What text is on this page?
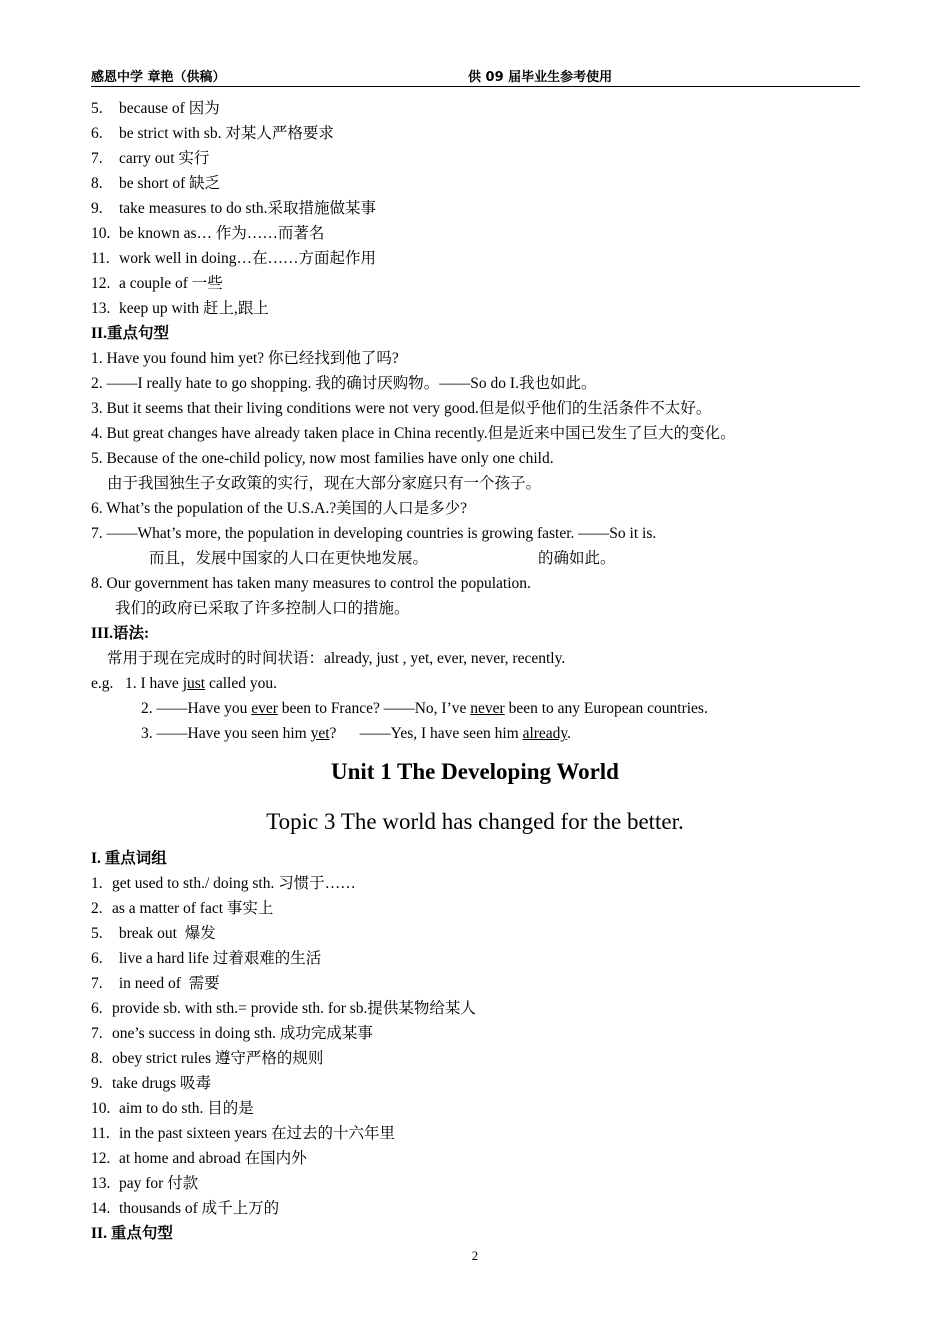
感恩中学 章艳（供稿）	供 09 届毕业生参考使用
5. because of 因为
6. be strict with sb. 对某人严格要求
7. carry out 实行
8. be short of 缺乏
9. take measures to do sth.采取措施做某事
10. be known as… 作为……而著名
11. work well in doing…在……方面起作用
12. a couple of 一些
13. keep up with 赶上,跟上
II.重点句型
1. Have you found him yet? 你已经找到他了吗?
2. ——I really hate to go shopping. 我的确讨厌购物。——So do I.我也如此。
3. But it seems that their living conditions were not very good.但是似乎他们的生活条件不太好。
4. But great changes have already taken place in China recently.但是近来中国已发生了巨大的变化。
5. Because of the one-child policy, now most families have only one child.
由于我国独生子女政策的实行，现在大部分家庭只有一个孩子。
6. What’s the population of the U.S.A.?美国的人口是多少?
7. ——What’s more, the population in developing countries is growing faster. ——So it is.
而且，发展中国家的人口在更快地发展。	的确如此。
8. Our government has taken many measures to control the population.
我们的政府已采取了许多控制人口的措施。
III.语法:
常用于现在完成时的时间状语：already, just , yet, ever, never, recently.
e.g.   1. I have just called you.
2. ——Have you ever been to France? ——No, I’ve never been to any European countries.
3. ——Have you seen him yet?      ——Yes, I have seen him already.
Unit 1 The Developing World
Topic 3 The world has changed for the better.
I. 重点词组
1. get used to sth./ doing sth. 习惯于……
2. as a matter of fact 事实上
5. break out  爆发
6. live a hard life 过着艰难的生活
7. in need of  需要
6. provide sb. with sth.= provide sth. for sb.提供某物给某人
7. one’s success in doing sth. 成功完成某事
8. obey strict rules 遵守严格的规则
9. take drugs 吸毒
10. aim to do sth. 目的是
11. in the past sixteen years 在过去的十六年里
12. at home and abroad 在国内外
13. pay for 付款
14. thousands of 成千上万的
II. 重点句型
2
